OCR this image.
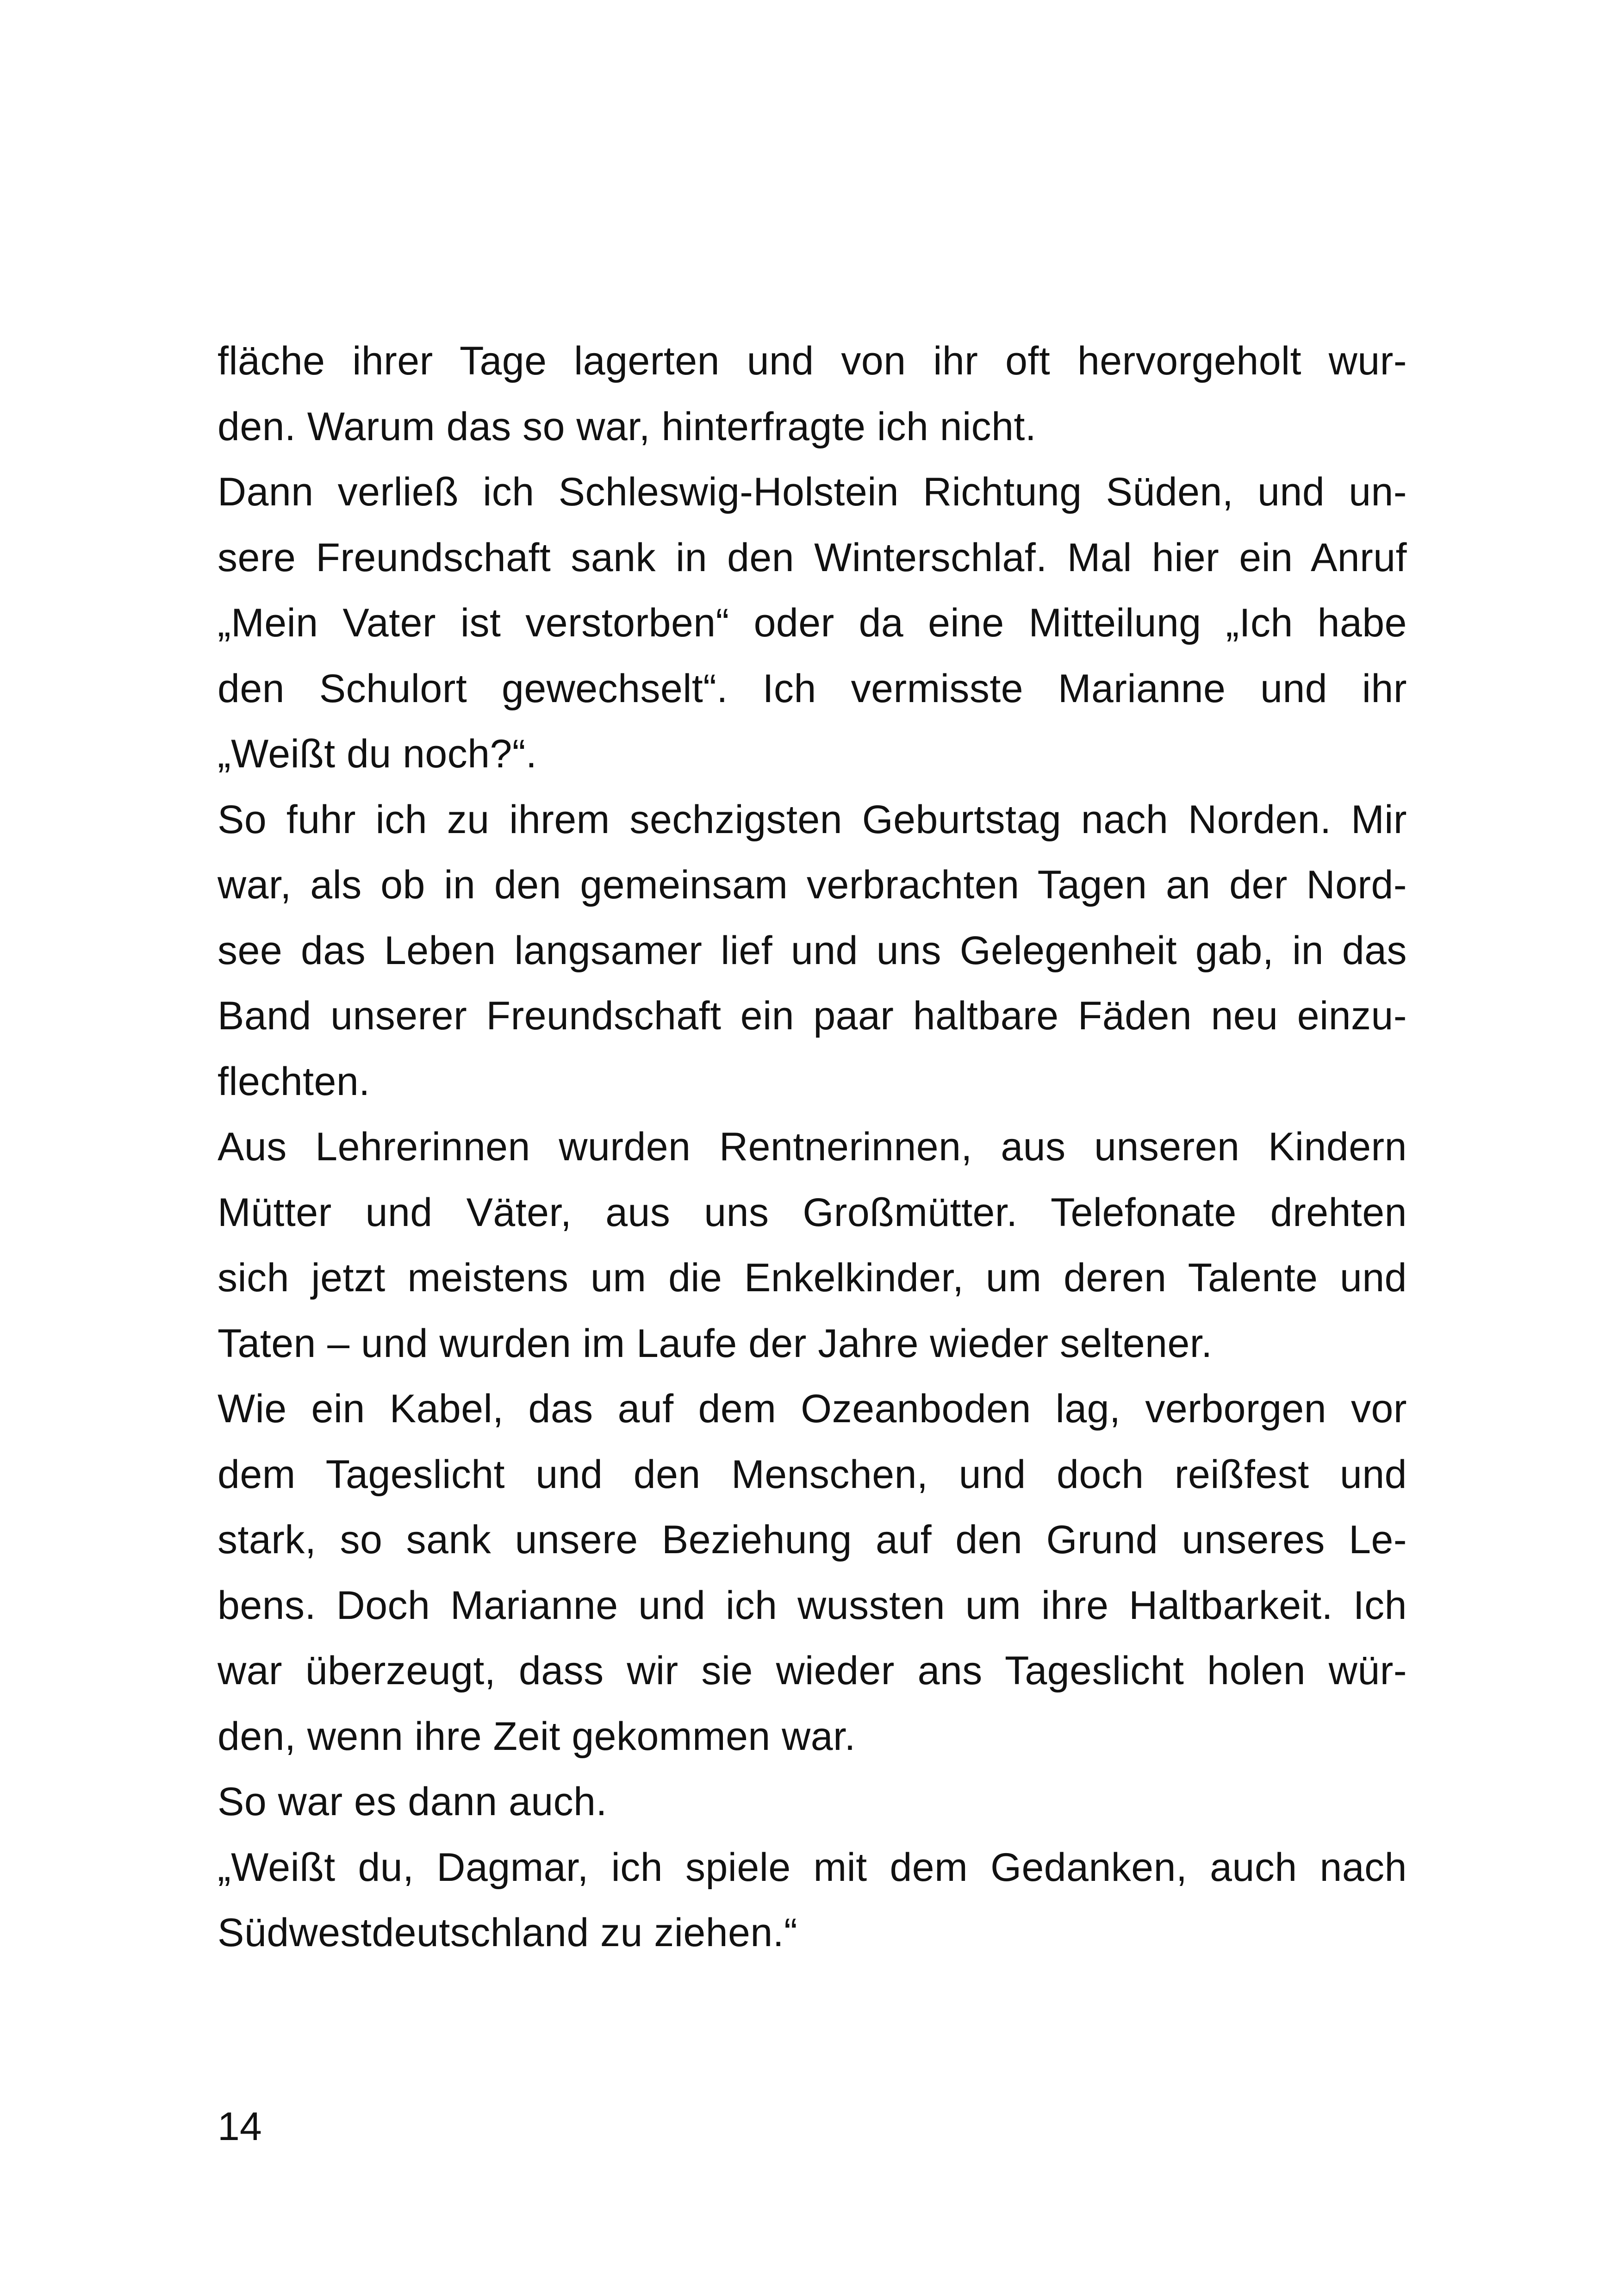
fläche ihrer Tage lagerten und von ihr oft hervorgeholt wur-
den. Warum das so war, hinterfragte ich nicht.
Dann verließ ich Schleswig-Holstein Richtung Süden, und un-
sere Freundschaft sank in den Winterschlaf. Mal hier ein Anruf
„Mein Vater ist verstorben“ oder da eine Mitteilung „Ich habe
den Schulort gewechselt“. Ich vermisste Marianne und ihr
„Weißt du noch?“.
So fuhr ich zu ihrem sechzigsten Geburtstag nach Norden. Mir
war, als ob in den gemeinsam verbrachten Tagen an der Nord-
see das Leben langsamer lief und uns Gelegenheit gab, in das
Band unserer Freundschaft ein paar haltbare Fäden neu einzu-
flechten.
Aus Lehrerinnen wurden Rentnerinnen, aus unseren Kindern
Mütter und Väter, aus uns Großmütter. Telefonate drehten
sich jetzt meistens um die Enkelkinder, um deren Talente und
Taten – und wurden im Laufe der Jahre wieder seltener.
Wie ein Kabel, das auf dem Ozeanboden lag, verborgen vor
dem Tageslicht und den Menschen, und doch reißfest und
stark, so sank unsere Beziehung auf den Grund unseres Le-
bens. Doch Marianne und ich wussten um ihre Haltbarkeit. Ich
war überzeugt, dass wir sie wieder ans Tageslicht holen wür-
den, wenn ihre Zeit gekommen war.
So war es dann auch.
„Weißt du, Dagmar, ich spiele mit dem Gedanken, auch nach
Südwestdeutschland zu ziehen.“
14
